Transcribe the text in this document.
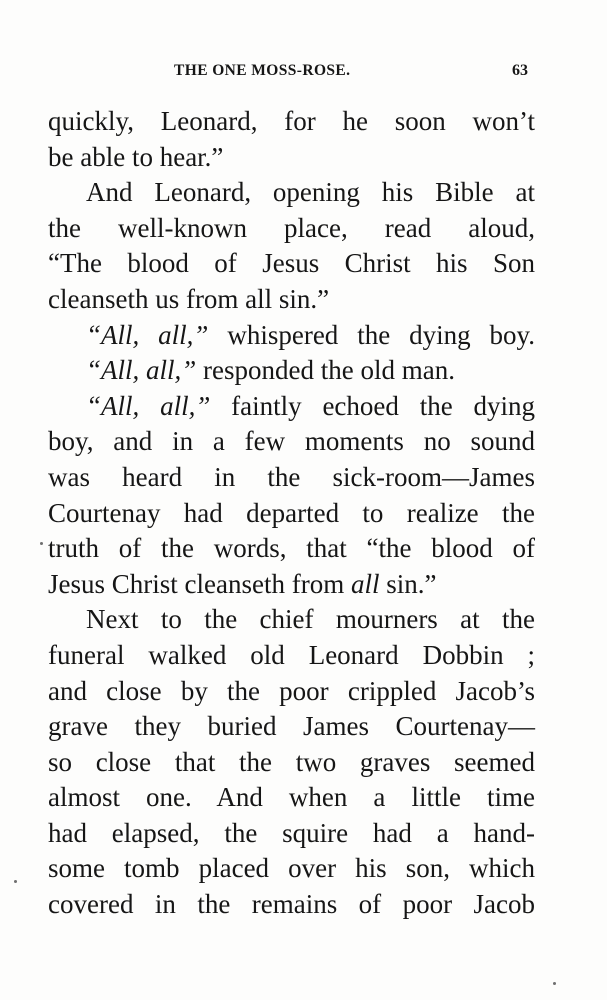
THE ONE MOSS-ROSE.	63
quickly, Leonard, for he soon won’t
be able to hear.”
And Leonard, opening his Bible at
the well-known place, read aloud,
“The blood of Jesus Christ his Son
cleanseth us from all sin.”
“All, all,” whispered the dying boy.
“All, all,” responded the old man.
“All, all,” faintly echoed the dying
boy, and in a few moments no sound
was heard in the sick-room—James
Courtenay had departed to realize the
truth of the words, that “the blood of
Jesus Christ cleanseth from all sin.”
Next to the chief mourners at the
funeral walked old Leonard Dobbin ;
and close by the poor crippled Jacob’s
grave they buried James Courtenay—
so close that the two graves seemed
almost one. And when a little time
had elapsed, the squire had a hand-
some tomb placed over his son, which
covered in the remains of poor Jacob
